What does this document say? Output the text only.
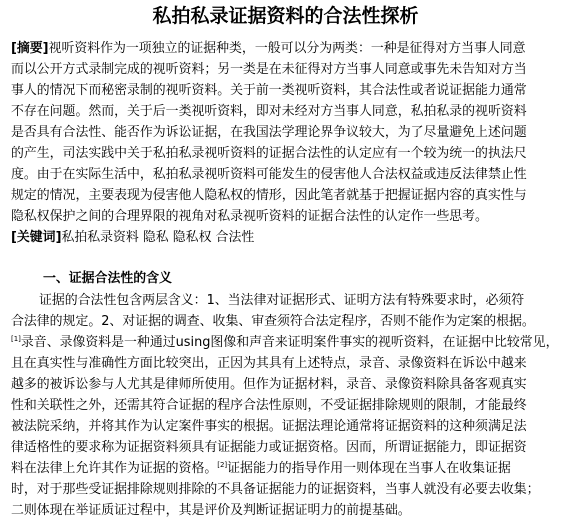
私拍私录证据资料的合法性探析
[摘要]视听资料作为一项独立的证据种类，一般可以分为两类：一种是征得对方当事人同意
而以公开方式录制完成的视听资料；另一类是在未征得对方当事人同意或事先未告知对方当
事人的情况下而秘密录制的视听资料。关于前一类视听资料，其合法性或者说证据能力通常
不存在问题。然而，关于后一类视听资料，即对未经对方当事人同意，私拍私录的视听资料
是否具有合法性、能否作为诉讼证据，在我国法学理论界争议较大，为了尽量避免上述问题
的产生，司法实践中关于私拍私录视听资料的证据合法性的认定应有一个较为统一的执法尺
度。由于在实际生活中，私拍私录视听资料可能发生的侵害他人合法权益或违反法律禁止性
规定的情况，主要表现为侵害他人隐私权的情形，因此笔者就基于把握证据内容的真实性与
隐私权保护之间的合理界限的视角对私录视听资料的证据合法性的认定作一些思考。
[关键词]私拍私录资料 隐私 隐私权 合法性
一、证据合法性的含义
证据的合法性包含两层含义：1、当法律对证据形式、证明方法有特殊要求时，必须符
合法律的规定。2、对证据的调查、收集、审查须符合法定程序，否则不能作为定案的根据。
[1]录音、录像资料是一种通过using图像和声音来证明案件事实的视听资料，在证据中比较常见，
且在真实性与准确性方面比较突出，正因为其具有上述特点，录音、录像资料在诉讼中越来
越多的被诉讼参与人尤其是律师所使用。但作为证据材料，录音、录像资料除具备客观真实
性和关联性之外，还需其符合证据的程序合法性原则，不受证据排除规则的限制，才能最终
被法院采纳，并将其作为认定案件事实的根据。证据法理论通常将证据资料的这种须满足法
律适格性的要求称为证据资料须具有证据能力或证据资格。因而，所谓证据能力，即证据资
料在法律上允许其作为证据的资格。[2]证据能力的指导作用一则体现在当事人在收集证据
时，对于那些受证据排除规则排除的不具备证据能力的证据资料，当事人就没有必要去收集；
二则体现在举证质证过程中，其是评价及判断证据证明力的前提基础。
